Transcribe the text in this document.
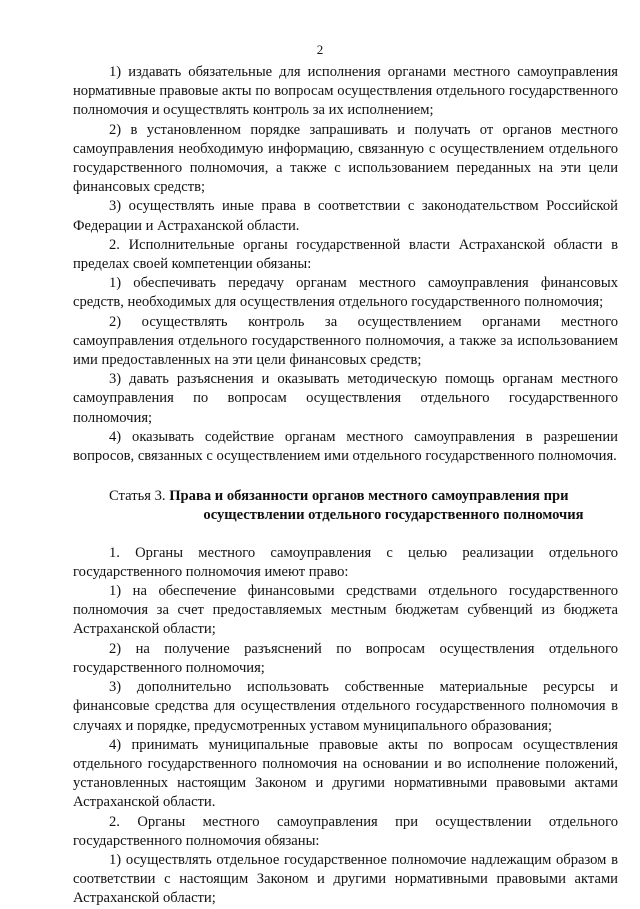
2

1) издавать обязательные для исполнения органами местного самоуправления нормативные правовые акты по вопросам осуществления отдельного государственного полномочия и осуществлять контроль за их исполнением;

2) в установленном порядке запрашивать и получать от органов местного самоуправления необходимую информацию, связанную с осуществлением отдельного государственного полномочия, а также с использованием переданных на эти цели финансовых средств;

3) осуществлять иные права в соответствии с законодательством Российской Федерации и Астраханской области.

2. Исполнительные органы государственной власти Астраханской области в пределах своей компетенции обязаны:

1) обеспечивать передачу органам местного самоуправления финансовых средств, необходимых для осуществления отдельного государственного полномочия;

2) осуществлять контроль за осуществлением органами местного самоуправления отдельного государственного полномочия, а также за использованием ими предоставленных на эти цели финансовых средств;

3) давать разъяснения и оказывать методическую помощь органам местного самоуправления по вопросам осуществления отдельного государственного полномочия;

4) оказывать содействие органам местного самоуправления в разрешении вопросов, связанных с осуществлением ими отдельного государственного полномочия.

Статья 3. Права и обязанности органов местного самоуправления при
осуществлении отдельного государственного полномочия

1. Органы местного самоуправления с целью реализации отдельного государственного полномочия имеют право:

1) на обеспечение финансовыми средствами отдельного государственного полномочия за счет предоставляемых местным бюджетам субвенций из бюджета Астраханской области;

2) на получение разъяснений по вопросам осуществления отдельного государственного полномочия;

3) дополнительно использовать собственные материальные ресурсы и финансовые средства для осуществления отдельного государственного полномочия в случаях и порядке, предусмотренных уставом муниципального образования;

4) принимать муниципальные правовые акты по вопросам осуществления отдельного государственного полномочия на основании и во исполнение положений, установленных настоящим Законом и другими нормативными правовыми актами Астраханской области.

2. Органы местного самоуправления при осуществлении отдельного государственного полномочия обязаны:

1) осуществлять отдельное государственное полномочие надлежащим образом в соответствии с настоящим Законом и другими нормативными правовыми актами Астраханской области;
